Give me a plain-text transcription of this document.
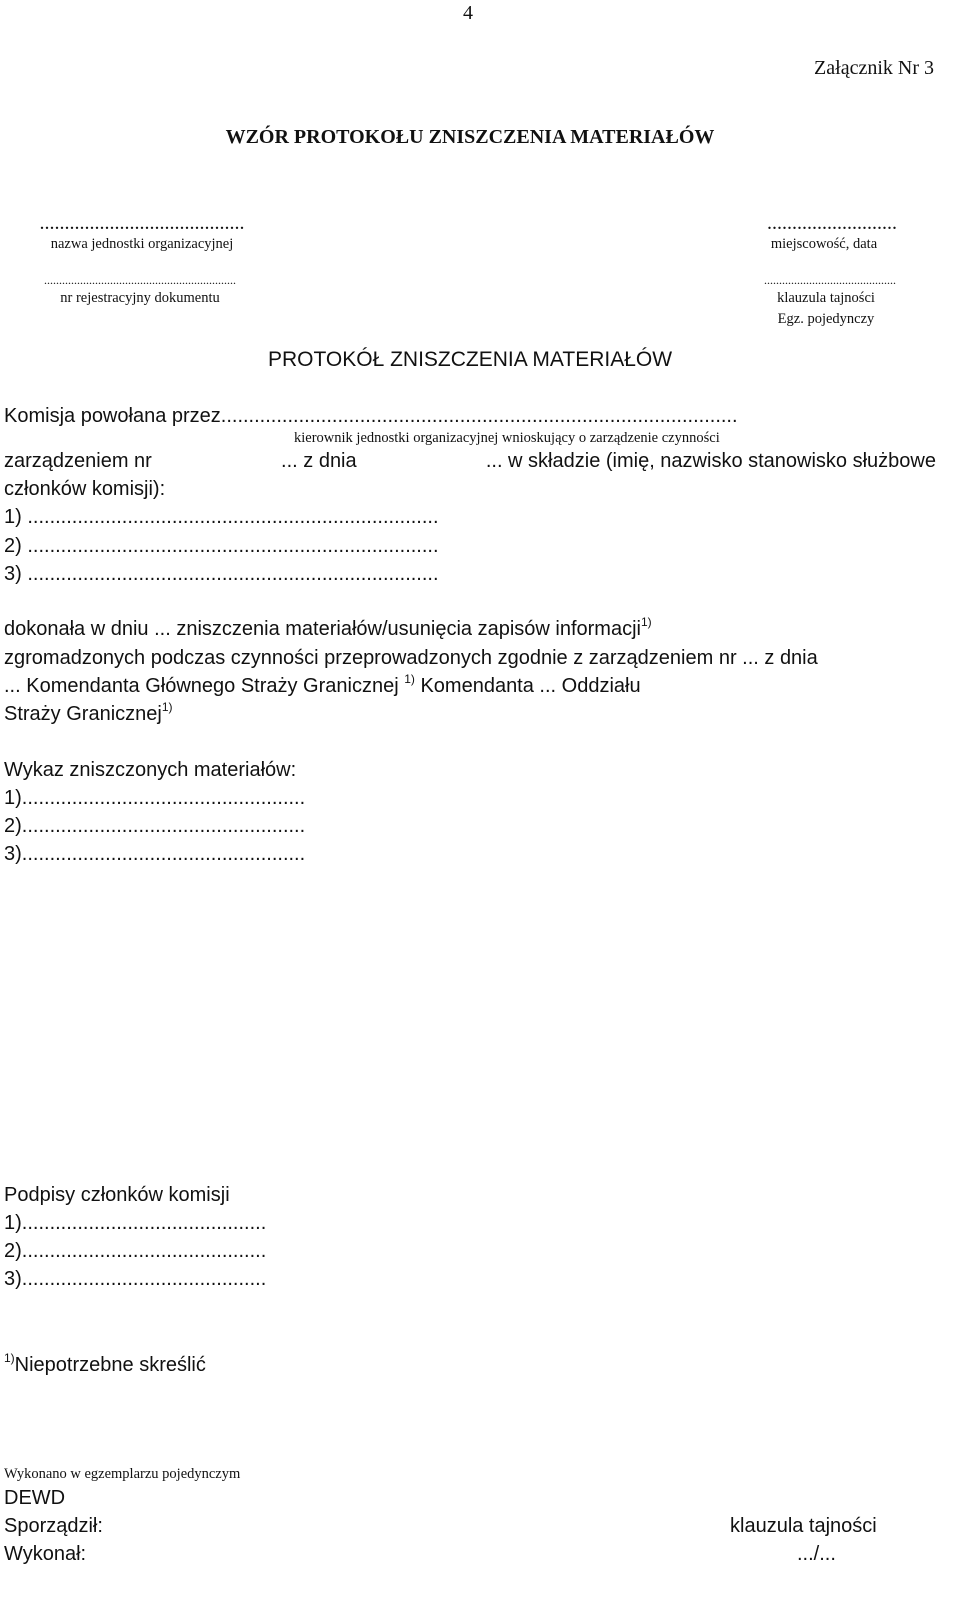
4
Załącznik Nr 3
WZÓR PROTOKOŁU ZNISZCZENIA MATERIAŁÓW
.........................................
nazwa jednostki organizacyjnej
..........................
miejscowość, data
................................................................
nr rejestracyjny dokumentu
............................................
klauzula tajności
Egz. pojedynczy
PROTOKÓŁ ZNISZCZENIA MATERIAŁÓW
Komisja powołana przez.............................................................................................
kierownik jednostki organizacyjnej wnioskujący o zarządzenie czynności
zarządzeniem nr	... z dnia	... w składzie (imię, nazwisko stanowisko służbowe
członków komisji):
1) ..........................................................................
2) ..........................................................................
3) ..........................................................................
dokonała w dniu ... zniszczenia materiałów/usunięcia zapisów informacji$^{1)}$
zgromadzonych podczas czynności przeprowadzonych zgodnie z zarządzeniem nr ... z dnia
... Komendanta Głównego Straży Granicznej $^{1)}$ Komendanta ... Oddziału
Straży Granicznej$^{1)}$
Wykaz zniszczonych materiałów:
1)...................................................
2)...................................................
3)...................................................
Podpisy członków komisji
1)............................................
2)............................................
3)............................................
$^{1)}$Niepotrzebne skreślić
Wykonano w egzemplarzu pojedynczym
DEWD
Sporządził:	klauzula tajności
Wykonał:	.../...
